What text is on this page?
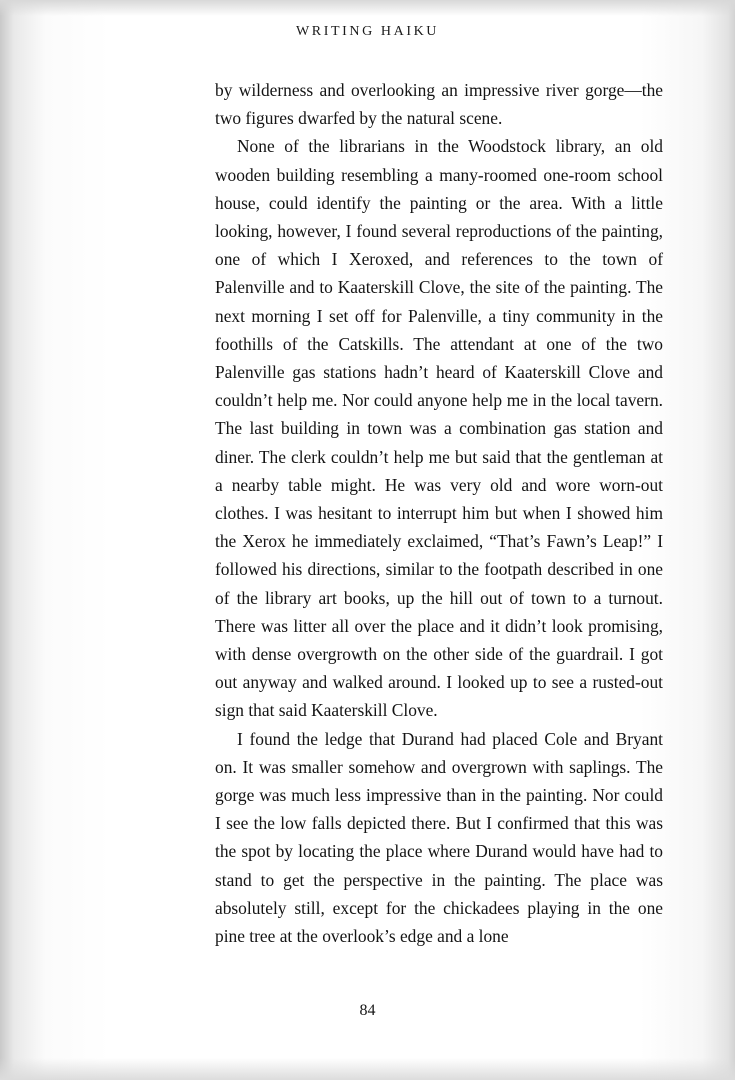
WRITING HAIKU

by wilderness and overlooking an impressive river gorge—the two figures dwarfed by the natural scene.

None of the librarians in the Woodstock library, an old wooden building resembling a many-roomed one-room school house, could identify the painting or the area. With a little looking, however, I found several reproductions of the painting, one of which I Xeroxed, and references to the town of Palenville and to Kaaterskill Clove, the site of the painting. The next morning I set off for Palenville, a tiny community in the foothills of the Catskills. The attendant at one of the two Palenville gas stations hadn’t heard of Kaaterskill Clove and couldn’t help me. Nor could anyone help me in the local tavern. The last building in town was a combination gas station and diner. The clerk couldn’t help me but said that the gentleman at a nearby table might. He was very old and wore worn-out clothes. I was hesitant to interrupt him but when I showed him the Xerox he immediately exclaimed, “That’s Fawn’s Leap!” I followed his directions, similar to the footpath described in one of the library art books, up the hill out of town to a turnout. There was litter all over the place and it didn’t look promising, with dense overgrowth on the other side of the guardrail. I got out anyway and walked around. I looked up to see a rusted-out sign that said Kaaterskill Clove.

I found the ledge that Durand had placed Cole and Bryant on. It was smaller somehow and overgrown with saplings. The gorge was much less impressive than in the painting. Nor could I see the low falls depicted there. But I confirmed that this was the spot by locating the place where Durand would have had to stand to get the perspective in the painting. The place was absolutely still, except for the chickadees playing in the one pine tree at the overlook’s edge and a lone

84
